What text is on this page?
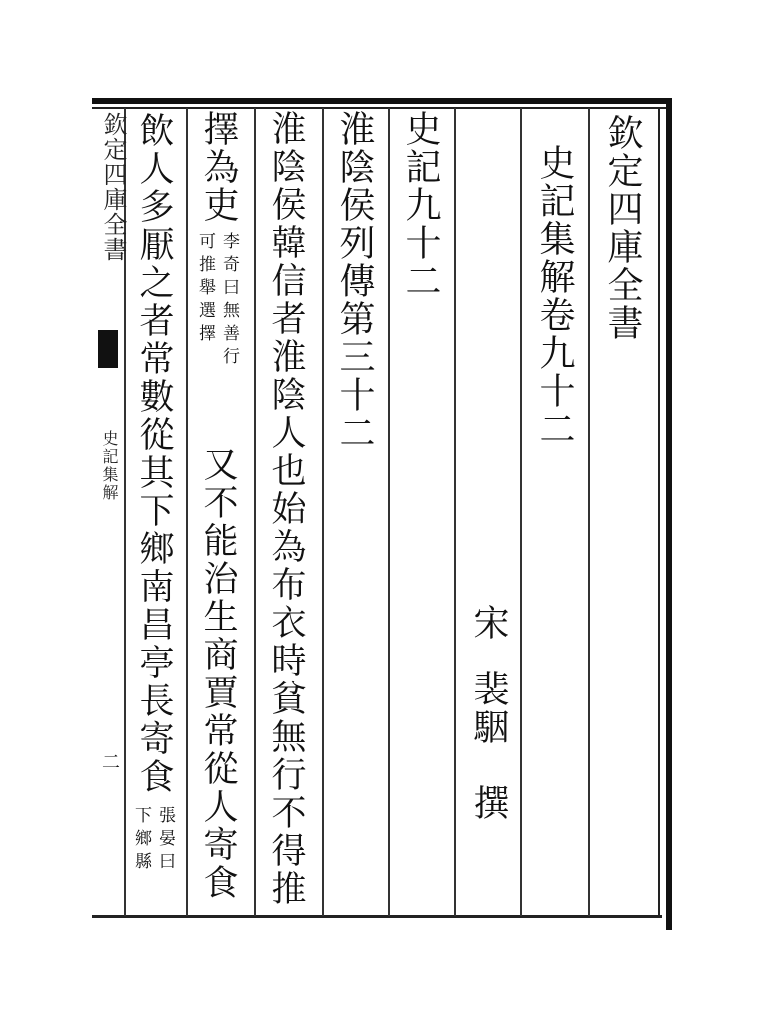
欽定四庫全書
史記集解
二
欽定四庫全書
史記集解卷九十二
宋
裴駰
撰
史記九十二
淮陰侯列傳第三十二
淮陰侯韓信者淮陰人也始為布衣時貧無行不得推
擇為吏
李奇曰無善行
可推舉選擇
又不能治生商賈常從人寄食
飲人多厭之者常數從其下鄉南昌亭長寄食
張晏曰
下鄉縣
